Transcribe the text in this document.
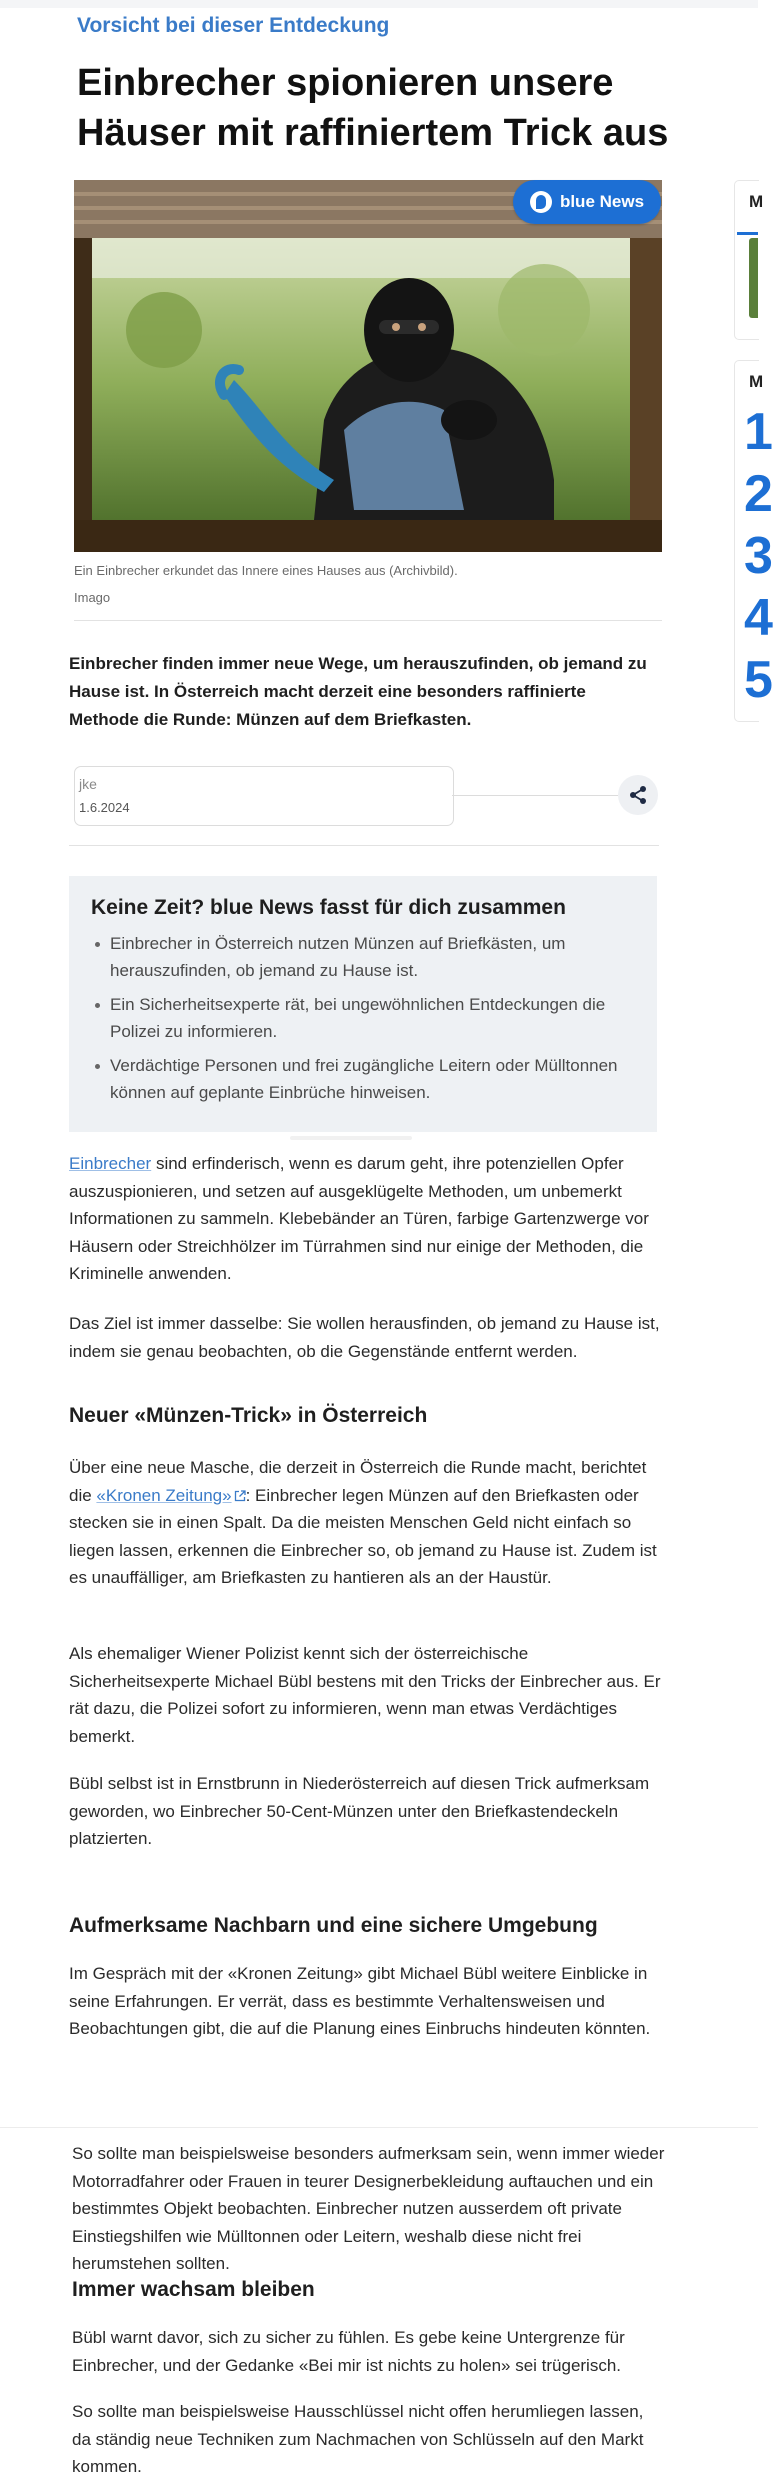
Vorsicht bei dieser Entdeckung
Einbrecher spionieren unsere Häuser mit raffiniertem Trick aus
blue News
Ein Einbrecher erkundet das Innere eines Hauses aus (Archivbild).
Imago
Einbrecher finden immer neue Wege, um herauszufinden, ob jemand zu Hause ist. In Österreich macht derzeit eine besonders raffinierte Methode die Runde: Münzen auf dem Briefkasten.
jke
1.6.2024
Keine Zeit? blue News fasst für dich zusammen
Einbrecher in Österreich nutzen Münzen auf Briefkästen, um herauszufinden, ob jemand zu Hause ist.
Ein Sicherheitsexperte rät, bei ungewöhnlichen Entdeckungen die Polizei zu informieren.
Verdächtige Personen und frei zugängliche Leitern oder Mülltonnen können auf geplante Einbrüche hinweisen.

Einbrecher sind erfinderisch, wenn es darum geht, ihre potenziellen Opfer auszuspionieren, und setzen auf ausgeklügelte Methoden, um unbemerkt Informationen zu sammeln. Klebebänder an Türen, farbige Gartenzwerge vor Häusern oder Streichhölzer im Türrahmen sind nur einige der Methoden, die Kriminelle anwenden.

Das Ziel ist immer dasselbe: Sie wollen herausfinden, ob jemand zu Hause ist, indem sie genau beobachten, ob die Gegenstände entfernt werden.

Neuer «Münzen-Trick» in Österreich

Über eine neue Masche, die derzeit in Österreich die Runde macht, berichtet die «Kronen Zeitung» : Einbrecher legen Münzen auf den Briefkasten oder stecken sie in einen Spalt. Da die meisten Menschen Geld nicht einfach so liegen lassen, erkennen die Einbrecher so, ob jemand zu Hause ist. Zudem ist es unauffälliger, am Briefkasten zu hantieren als an der Haustür.

Als ehemaliger Wiener Polizist kennt sich der österreichische Sicherheitsexperte Michael Bübl bestens mit den Tricks der Einbrecher aus. Er rät dazu, die Polizei sofort zu informieren, wenn man etwas Verdächtiges bemerkt.

Bübl selbst ist in Ernstbrunn in Niederösterreich auf diesen Trick aufmerksam geworden, wo Einbrecher 50-Cent-Münzen unter den Briefkastendeckeln platzierten.

Aufmerksame Nachbarn und eine sichere Umgebung

Im Gespräch mit der «Kronen Zeitung» gibt Michael Bübl weitere Einblicke in seine Erfahrungen. Er verrät, dass es bestimmte Verhaltensweisen und Beobachtungen gibt, die auf die Planung eines Einbruchs hindeuten könnten.

So sollte man beispielsweise besonders aufmerksam sein, wenn immer wieder Motorradfahrer oder Frauen in teurer Designerbekleidung auftauchen und ein bestimmtes Objekt beobachten. Einbrecher nutzen ausserdem oft private Einstiegshilfen wie Mülltonnen oder Leitern, weshalb diese nicht frei herumstehen sollten.

Immer wachsam bleiben

Bübl warnt davor, sich zu sicher zu fühlen. Es gebe keine Untergrenze für Einbrecher, und der Gedanke «Bei mir ist nichts zu holen» sei trügerisch.

So sollte man beispielsweise Hausschlüssel nicht offen herumliegen lassen, da ständig neue Techniken zum Nachmachen von Schlüsseln auf den Markt kommen.

M
M
1
2
3
4
5
